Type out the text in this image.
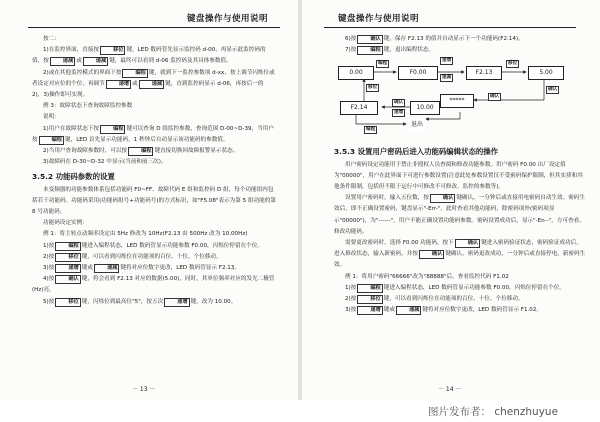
键盘操作与使用说明

按二：

1)在监控界面，直接按	移位 键，LED 数码管先显示监控码 d-00，再显示此监控码的值，按	递减 或	递减 键，最终可以看到 d-06 监控码及其具体参数值。

2)或在其他监控模式的界面下按	编程 键，就到下一监控参数项 d-xx，按上调节闪烁位或者设定对应位的个位，再调节	递增 或	递减 键，直到监控码显示 d-06，再按后一的 2)，3)操作即可实现。

例 3：故障状态下查询故障监控参数

说明：

1)用户在故障状态下按	编程 键可以查询 D 组监控参数，查询范围 D-00~D-39，当用户按	编程 键，LED 首先显示功能码，1 秒钟后自动显示该功能码的参数值。

2)当用户查询故障参数时，可以按	编程 键直接切换回故障报警显示状态。

3)故障码在 D-30~D-32 中显示(当前和前三次)。

3.5.2 功能码参数的设置

本变频器的功能参数体系包括功能码 F0~FF、故障代码 E 组和监控码 D 组，每个功能组内包括若干功能码。功能码采用(功能码组号+功能码号)的方式标识，如"F5.08"表示为第 5 组功能的第 8 号功能码。

功能码设定实例：

例 1：将主转点动频率设定由 5Hz 修改为 10Hz(F2.13 由 500Hz 改为 10.00Hz)

1)按	编程 键进入编程状态，LED 数码管显示功能参数 F0.00，闪烁位停留在个位。

2)按	移位 键，可以看到闪烁位在功能项的百位、十位、个位移动。

3)按	递增 键或	递减 键将对应位数字更改，LED 数码管显示 F2.13。

4)按	确认 键，将会看到 F2.13 对应的数据(5.00)，同时，其单位频率对应的发光二极管(Hz)亮。

5)按	移位 键，闪烁位到最高位"5"，按五次	递增 键，改为 10.00。

－ 13 －
键盘操作与使用说明

6)按	确认 键，保存 F2.13 的值并自动显示下一个功能码(F2.14)。

7)按	编程 键，退出编程状态。

0.00	F0.00	F2.13	5.00
F2.14	10.00
*****
退出
编程
递增
递减
移位
确认
确认
确认
递增
移位
编程
3.5.3 设置用户密码后进入功能码编辑状态的操作

用户密码设定功能用于禁止非授权人员查阅和修改功能参数。用户密码 F0.00 出厂设定值为"00000"，用户在此界面下可进行参数设置(注意此处参数设置仅不受密码保护限制，但其实质和其他条件限制，包括但不限于运行中可修改不可修改、监控的参数等)。

设置用户密码时，输入五位数，按	确认 键确认，一分钟后或直接用电密码自动生效。密码生效后，即不正确设置密码，键盘显示"-Err-"，此时查看其他功能码，除密码项外(密码项显示"00000")，为"------"，用户不能正确设置功能码参数。密码设置成功后，显示"-En--"，方可查看、修改功能码。

需要更改密码时，选择 F0.00 功能码，按下	确认 键进入密码验证状态，密码验证成功后，进入修改状态，输入新密码，并按	确认 键确认，密码更改成功，一分钟后或直接停电，新密码生效。

例 1：将用户密码"66666"改为"88888"后，查看监控代码 F1.02

1)按	编程 键进入编程状态，LED 数码管显示功能参数 F0.00，闪烁位停留在个位。

2)按	移位 键，可以看到闪烁位在功能项的百位、十位、个位移动。

3)按	递增 键或	递减 键将对应位数字更改，LED 数码管显示 F1.02。

－ 14 －
图片发布者： chenzhuyue
